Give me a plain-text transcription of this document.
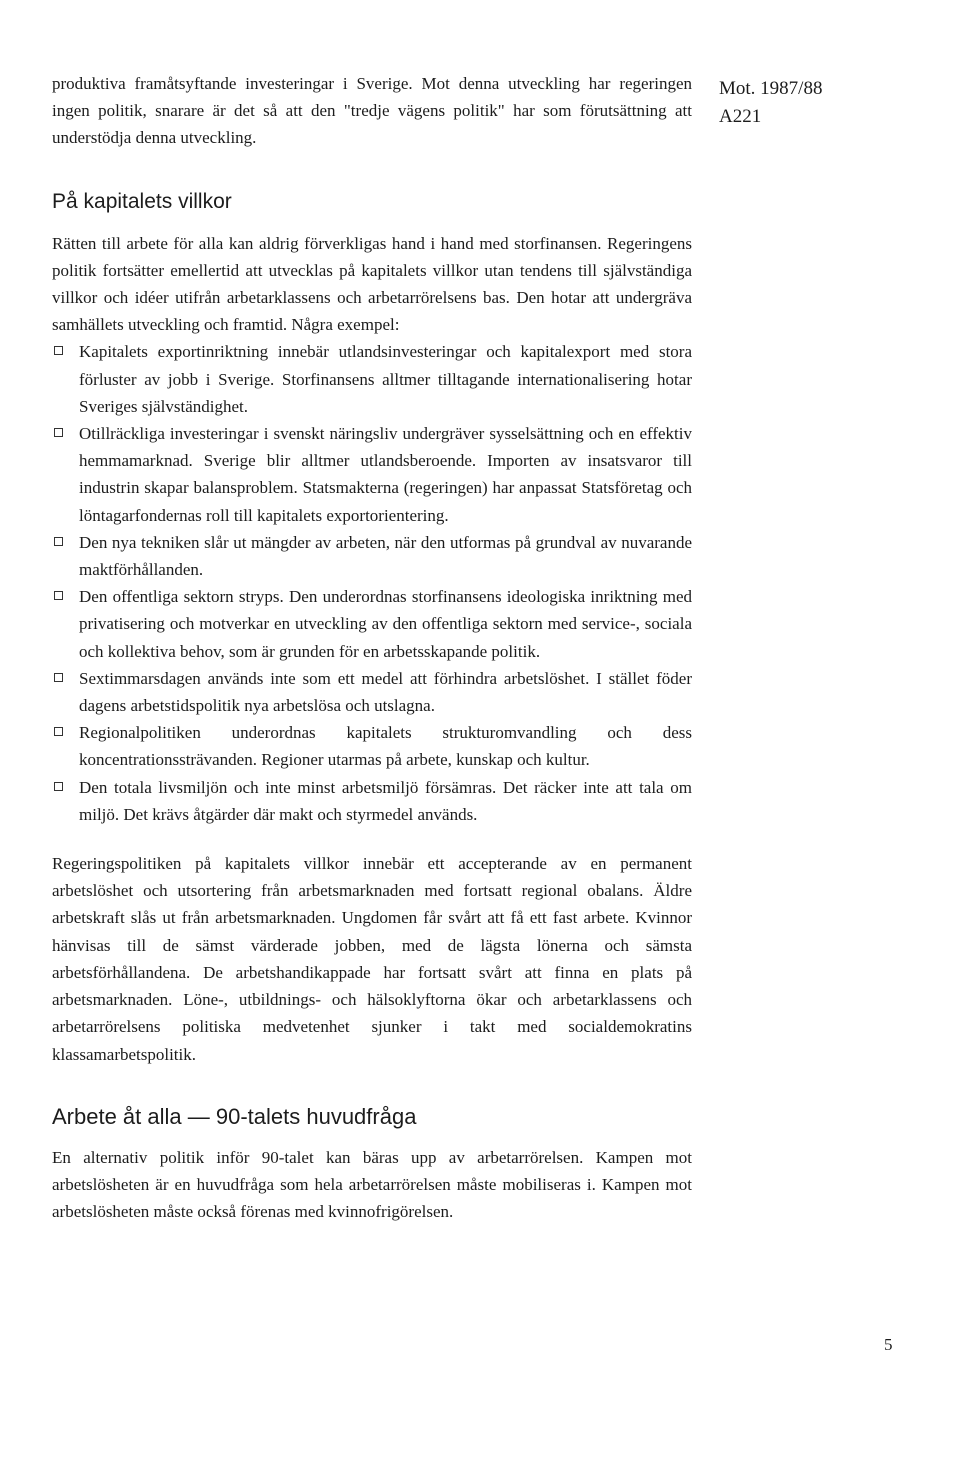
Mot. 1987/88
A221

produktiva framåtsyftande investeringar i Sverige. Mot denna utveckling har regeringen ingen politik, snarare är det så att den "tredje vägens politik" har som förutsättning att understödja denna utveckling.

På kapitalets villkor

Rätten till arbete för alla kan aldrig förverkligas hand i hand med storfinansen. Regeringens politik fortsätter emellertid att utvecklas på kapitalets villkor utan tendens till självständiga villkor och idéer utifrån arbetarklassens och arbetarrörelsens bas. Den hotar att undergräva samhällets utveckling och framtid. Några exempel:

Kapitalets exportinriktning innebär utlandsinvesteringar och kapitalexport med stora förluster av jobb i Sverige. Storfinansens alltmer tilltagande internationalisering hotar Sveriges självständighet.
Otillräckliga investeringar i svenskt näringsliv undergräver sysselsättning och en effektiv hemmamarknad. Sverige blir alltmer utlandsberoende. Importen av insatsvaror till industrin skapar balansproblem. Statsmakterna (regeringen) har anpassat Statsföretag och löntagarfondernas roll till kapitalets exportorientering.
Den nya tekniken slår ut mängder av arbeten, när den utformas på grundval av nuvarande maktförhållanden.
Den offentliga sektorn stryps. Den underordnas storfinansens ideologiska inriktning med privatisering och motverkar en utveckling av den offentliga sektorn med service-, sociala och kollektiva behov, som är grunden för en arbetsskapande politik.
Sextimmarsdagen används inte som ett medel att förhindra arbetslöshet. I stället föder dagens arbetstidspolitik nya arbetslösa och utslagna.
Regionalpolitiken underordnas kapitalets strukturomvandling och dess koncentrationssträvanden. Regioner utarmas på arbete, kunskap och kultur.
Den totala livsmiljön och inte minst arbetsmiljö försämras. Det räcker inte att tala om miljö. Det krävs åtgärder där makt och styrmedel används.

Regeringspolitiken på kapitalets villkor innebär ett accepterande av en permanent arbetslöshet och utsortering från arbetsmarknaden med fortsatt regional obalans. Äldre arbetskraft slås ut från arbetsmarknaden. Ungdomen får svårt att få ett fast arbete. Kvinnor hänvisas till de sämst värderade jobben, med de lägsta lönerna och sämsta arbetsförhållandena. De arbetshandikappade har fortsatt svårt att finna en plats på arbetsmarknaden. Löne-, utbildnings- och hälsoklyftorna ökar och arbetarklassens och arbetarrörelsens politiska medvetenhet sjunker i takt med socialdemokratins klassamarbetspolitik.

Arbete åt alla — 90-talets huvudfråga

En alternativ politik inför 90-talet kan bäras upp av arbetarrörelsen. Kampen mot arbetslösheten är en huvudfråga som hela arbetarrörelsen måste mobiliseras i. Kampen mot arbetslösheten måste också förenas med kvinnofrigörelsen.

5
